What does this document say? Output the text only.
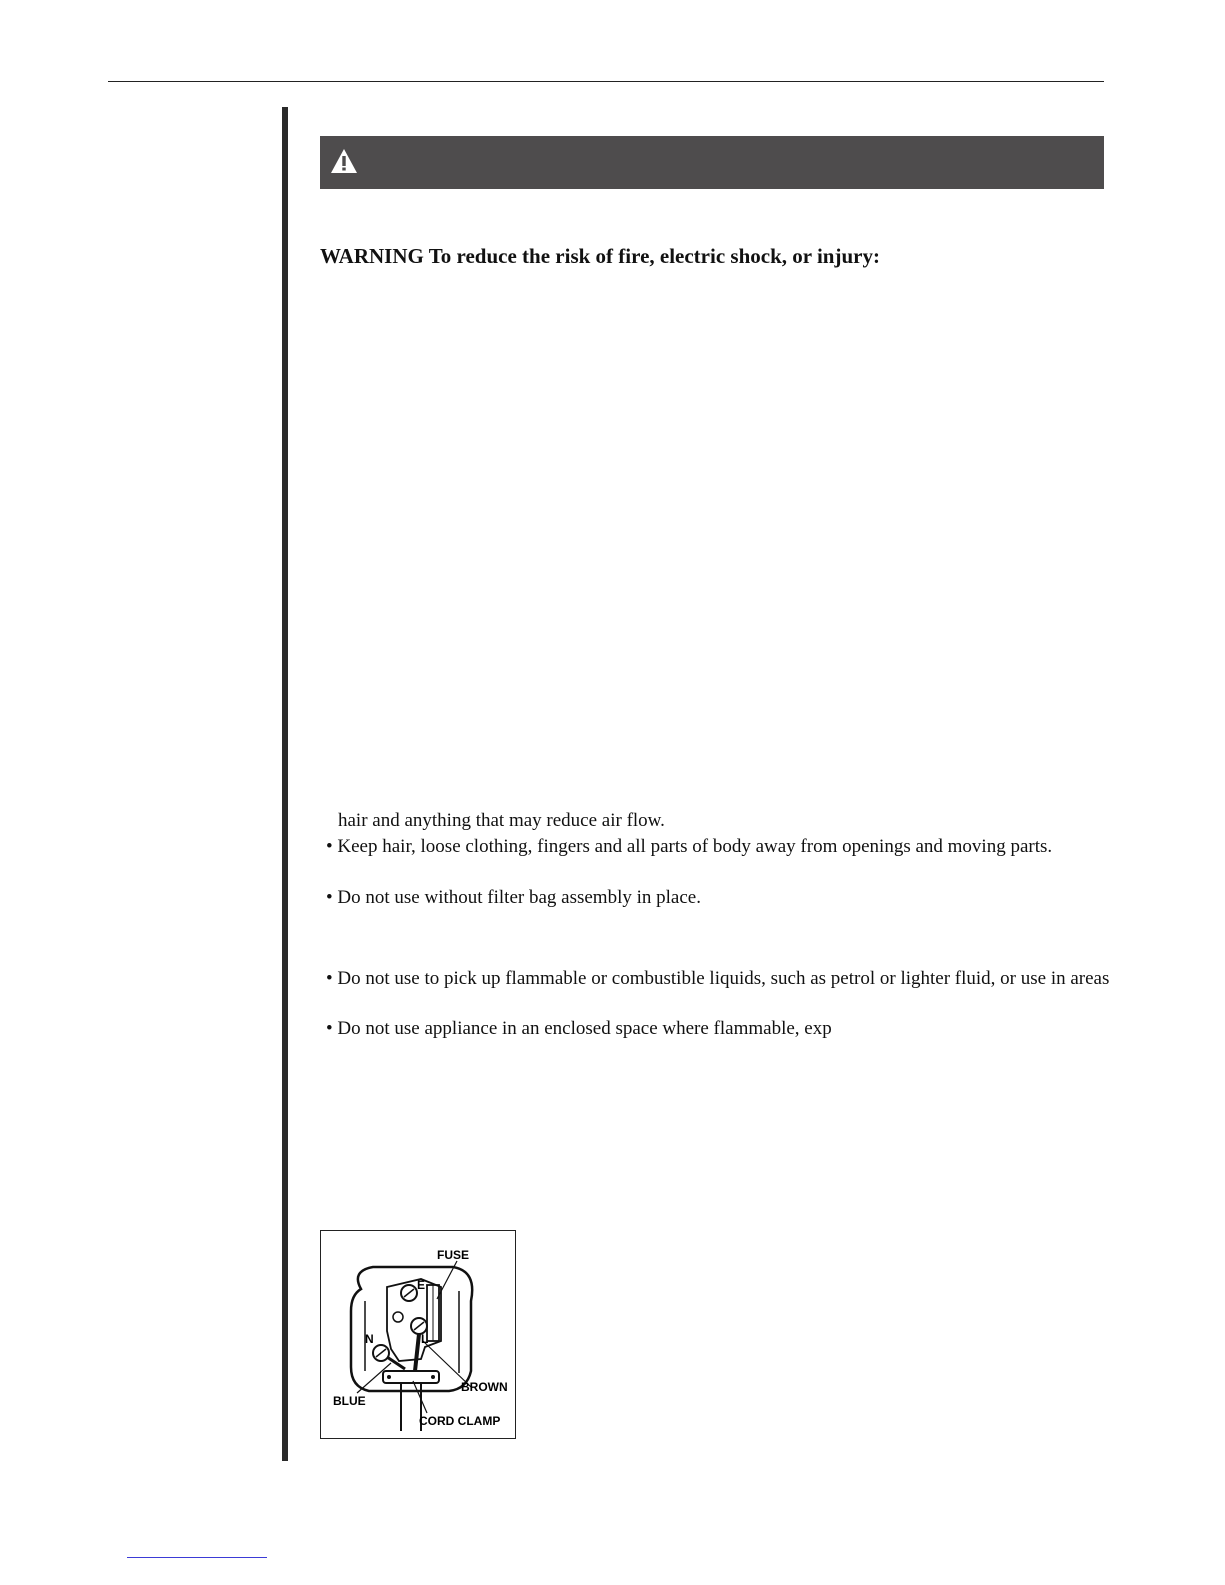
WARNING To reduce the risk of fire, electric shock, or injury:
hair and anything that may reduce air flow.
• Keep hair, loose clothing, fingers and all parts of body away from openings and moving parts.
• Do not use without filter bag assembly in place.
• Do not use to pick up flammable or combustible liquids, such as petrol or lighter fluid, or use in areas
• Do not use appliance in an enclosed space where flammable, exp
FUSE
E
N	L
BLUE
BROWN
CORD CLAMP
